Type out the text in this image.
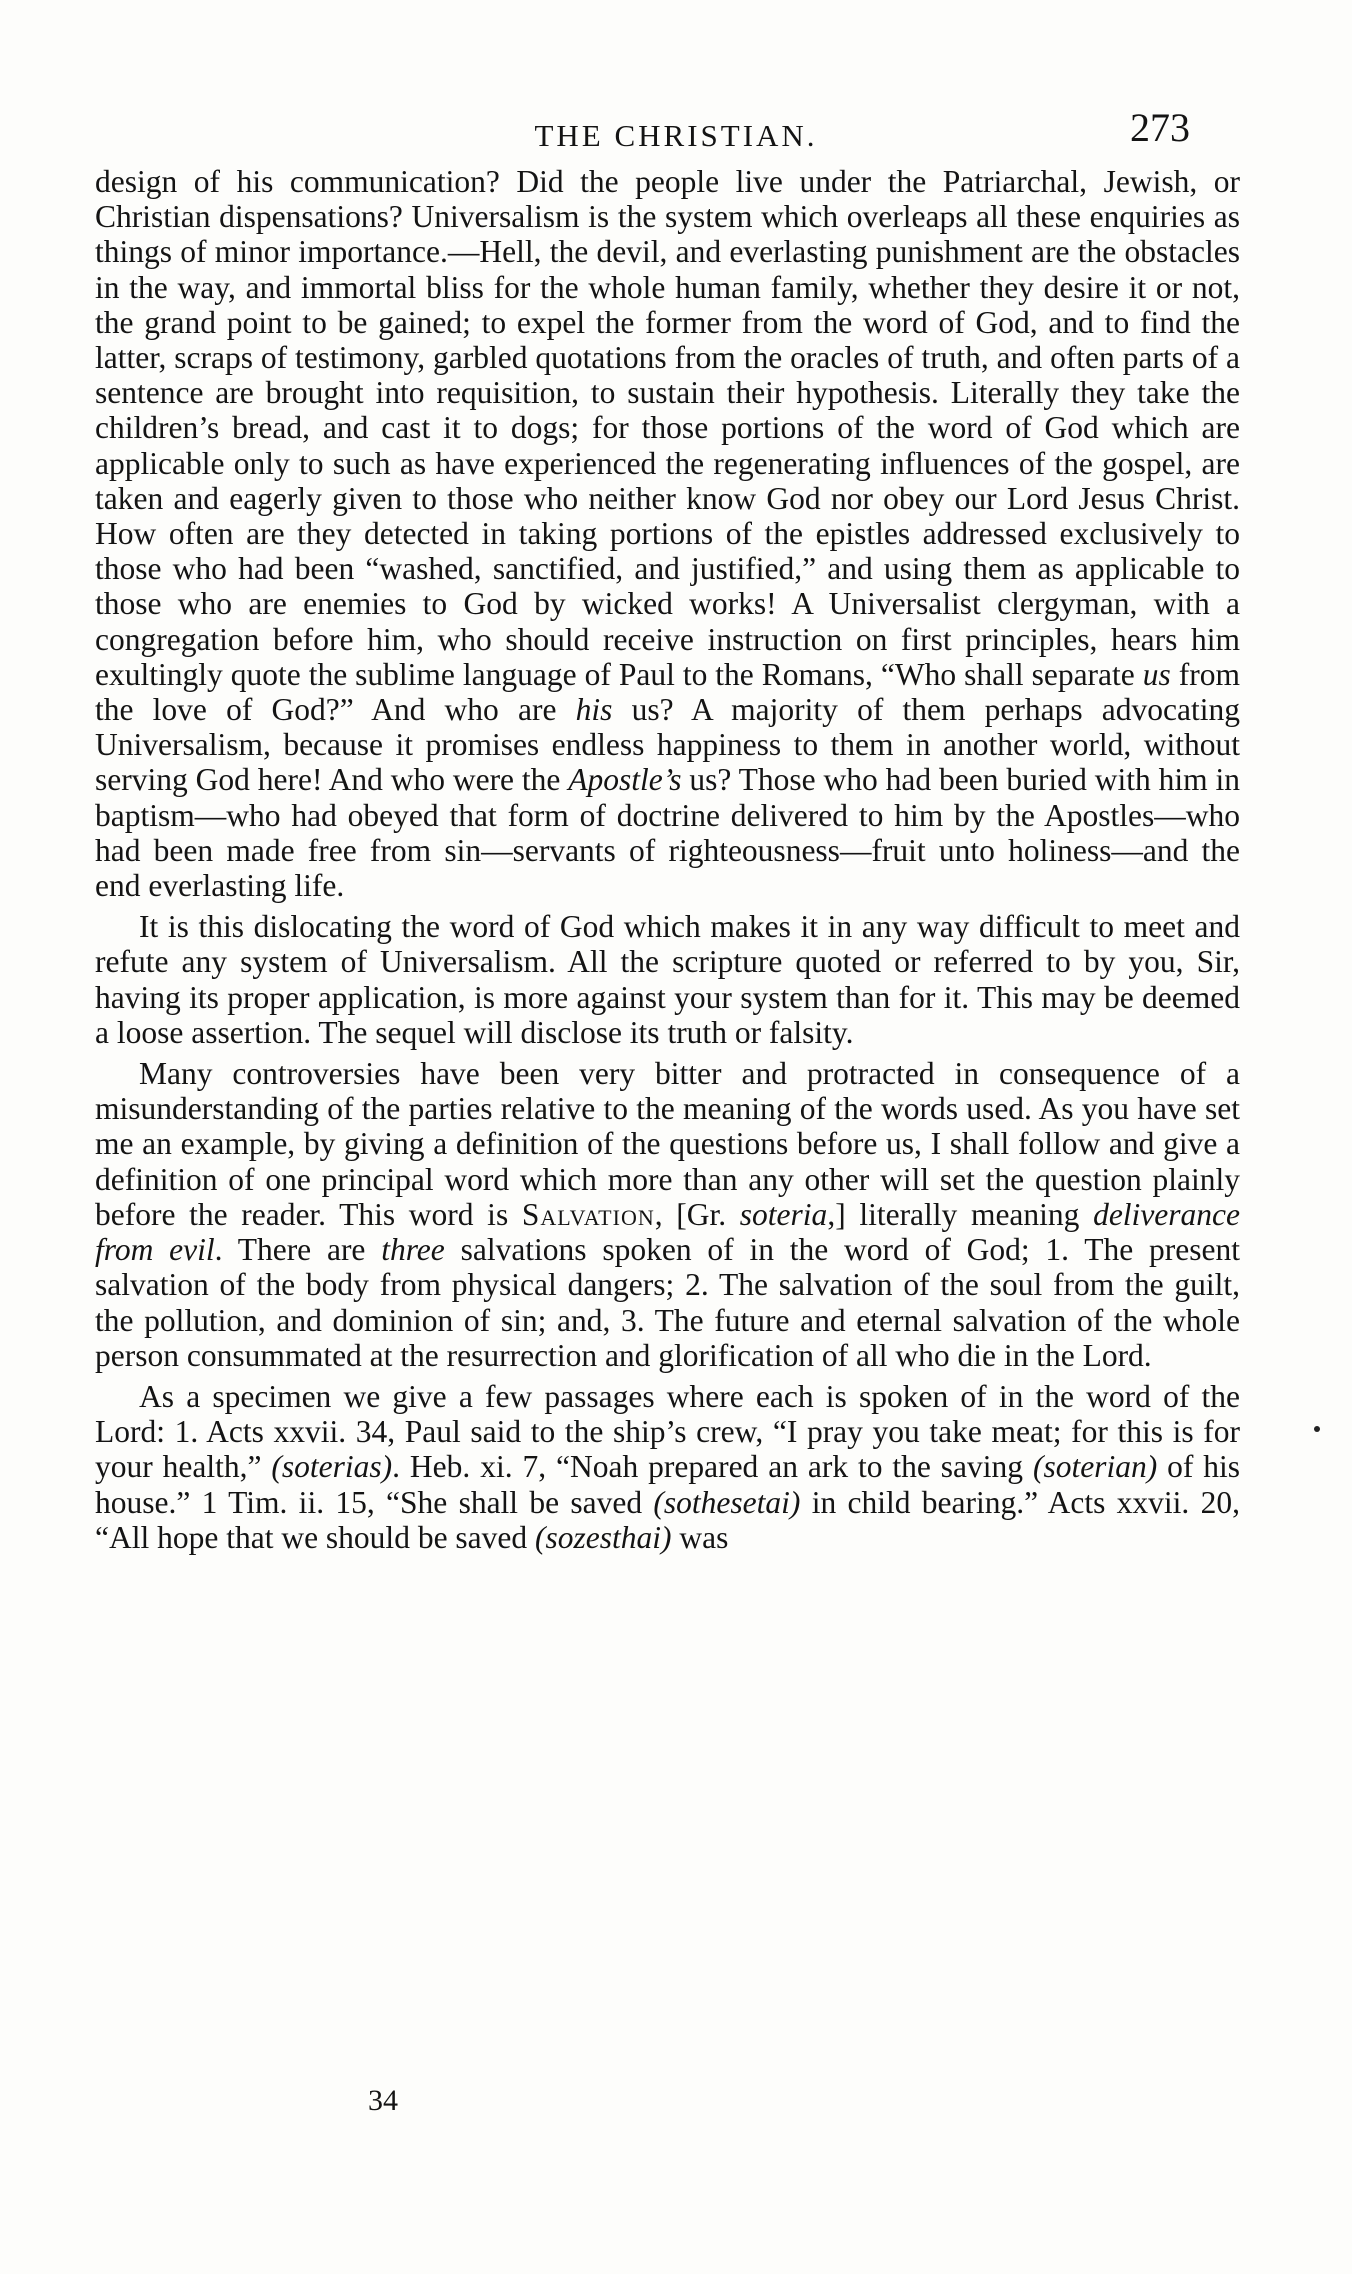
THE CHRISTIAN.	273

design of his communication? Did the people live under the Patriarchal, Jewish, or Christian dispensations? Universalism is the system which overleaps all these enquiries as things of minor importance.—Hell, the devil, and everlasting punishment are the obstacles in the way, and immortal bliss for the whole human family, whether they desire it or not, the grand point to be gained; to expel the former from the word of God, and to find the latter, scraps of testimony, garbled quotations from the oracles of truth, and often parts of a sentence are brought into requisition, to sustain their hypothesis. Literally they take the children’s bread, and cast it to dogs; for those portions of the word of God which are applicable only to such as have experienced the regenerating influences of the gospel, are taken and eagerly given to those who neither know God nor obey our Lord Jesus Christ. How often are they detected in taking portions of the epistles addressed exclusively to those who had been “washed, sanctified, and justified,” and using them as applicable to those who are enemies to God by wicked works! A Universalist clergyman, with a congregation before him, who should receive instruction on first principles, hears him exultingly quote the sublime language of Paul to the Romans, “Who shall separate us from the love of God?” And who are his us? A majority of them perhaps advocating Universalism, because it promises endless happiness to them in another world, without serving God here! And who were the Apostle’s us? Those who had been buried with him in baptism—who had obeyed that form of doctrine delivered to him by the Apostles—who had been made free from sin—servants of righteousness—fruit unto holiness—and the end everlasting life.

It is this dislocating the word of God which makes it in any way difficult to meet and refute any system of Universalism. All the scripture quoted or referred to by you, Sir, having its proper application, is more against your system than for it. This may be deemed a loose assertion. The sequel will disclose its truth or falsity.

Many controversies have been very bitter and protracted in consequence of a misunderstanding of the parties relative to the meaning of the words used. As you have set me an example, by giving a definition of the questions before us, I shall follow and give a definition of one principal word which more than any other will set the question plainly before the reader. This word is Salvation, [Gr. soteria,] literally meaning deliverance from evil. There are three salvations spoken of in the word of God; 1. The present salvation of the body from physical dangers; 2. The salvation of the soul from the guilt, the pollution, and dominion of sin; and, 3. The future and eternal salvation of the whole person consummated at the resurrection and glorification of all who die in the Lord.

As a specimen we give a few passages where each is spoken of in the word of the Lord: 1. Acts xxvii. 34, Paul said to the ship’s crew, “I pray you take meat; for this is for your health,” (soterias). Heb. xi. 7, “Noah prepared an ark to the saving (soterian) of his house.” 1 Tim. ii. 15, “She shall be saved (sothesetai) in child bearing.” Acts xxvii. 20, “All hope that we should be saved (sozesthai) was

34
